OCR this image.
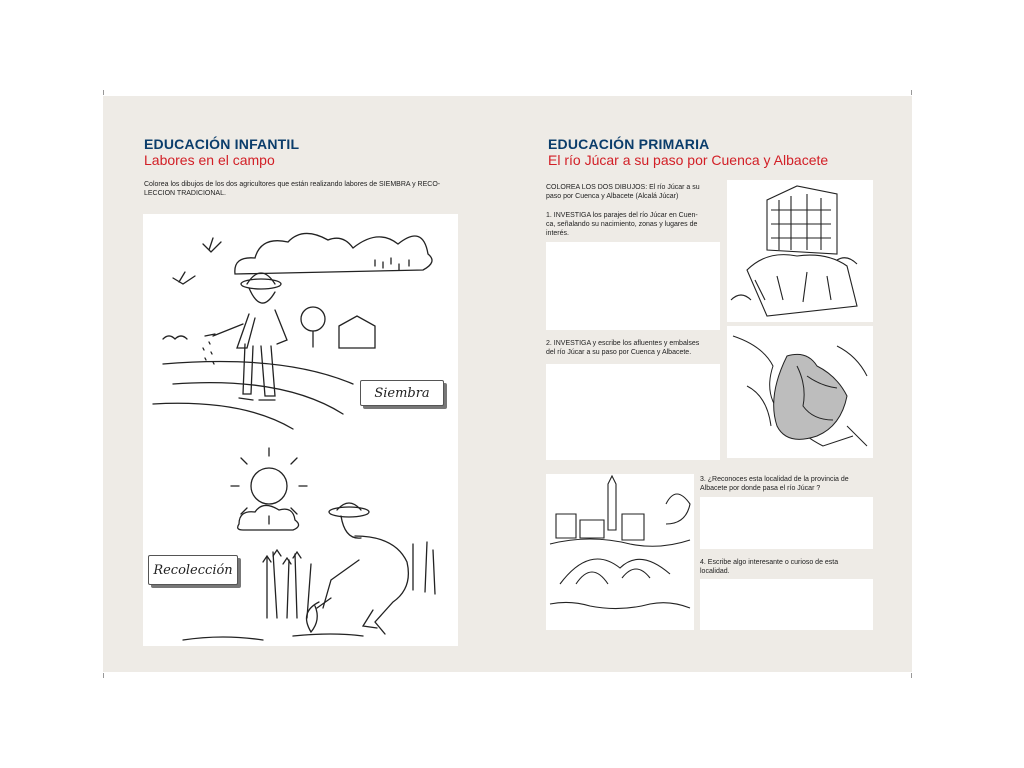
EDUCACIÓN INFANTIL
Labores en el campo
Colorea los dibujos de los dos agricultores que están realizando labores de SIEMBRA y RECO-
LECCION TRADICIONAL.
Siembra
Recolección
EDUCACIÓN PRIMARIA
El río Júcar a su paso por Cuenca y Albacete
COLOREA LOS DOS DIBUJOS: El río Júcar a su
paso por Cuenca y Albacete (Alcalá Júcar)
1. INVESTIGA los parajes del río Júcar en Cuen-
ca, señalando su nacimiento, zonas y lugares de
interés.
2. INVESTIGA y escribe los afluentes y embalses
del río Júcar a su paso por Cuenca y Albacete.
3. ¿Reconoces esta localidad de la provincia de
Albacete por donde pasa el río Júcar ?
4. Escribe algo interesante o curioso de esta
localidad.
